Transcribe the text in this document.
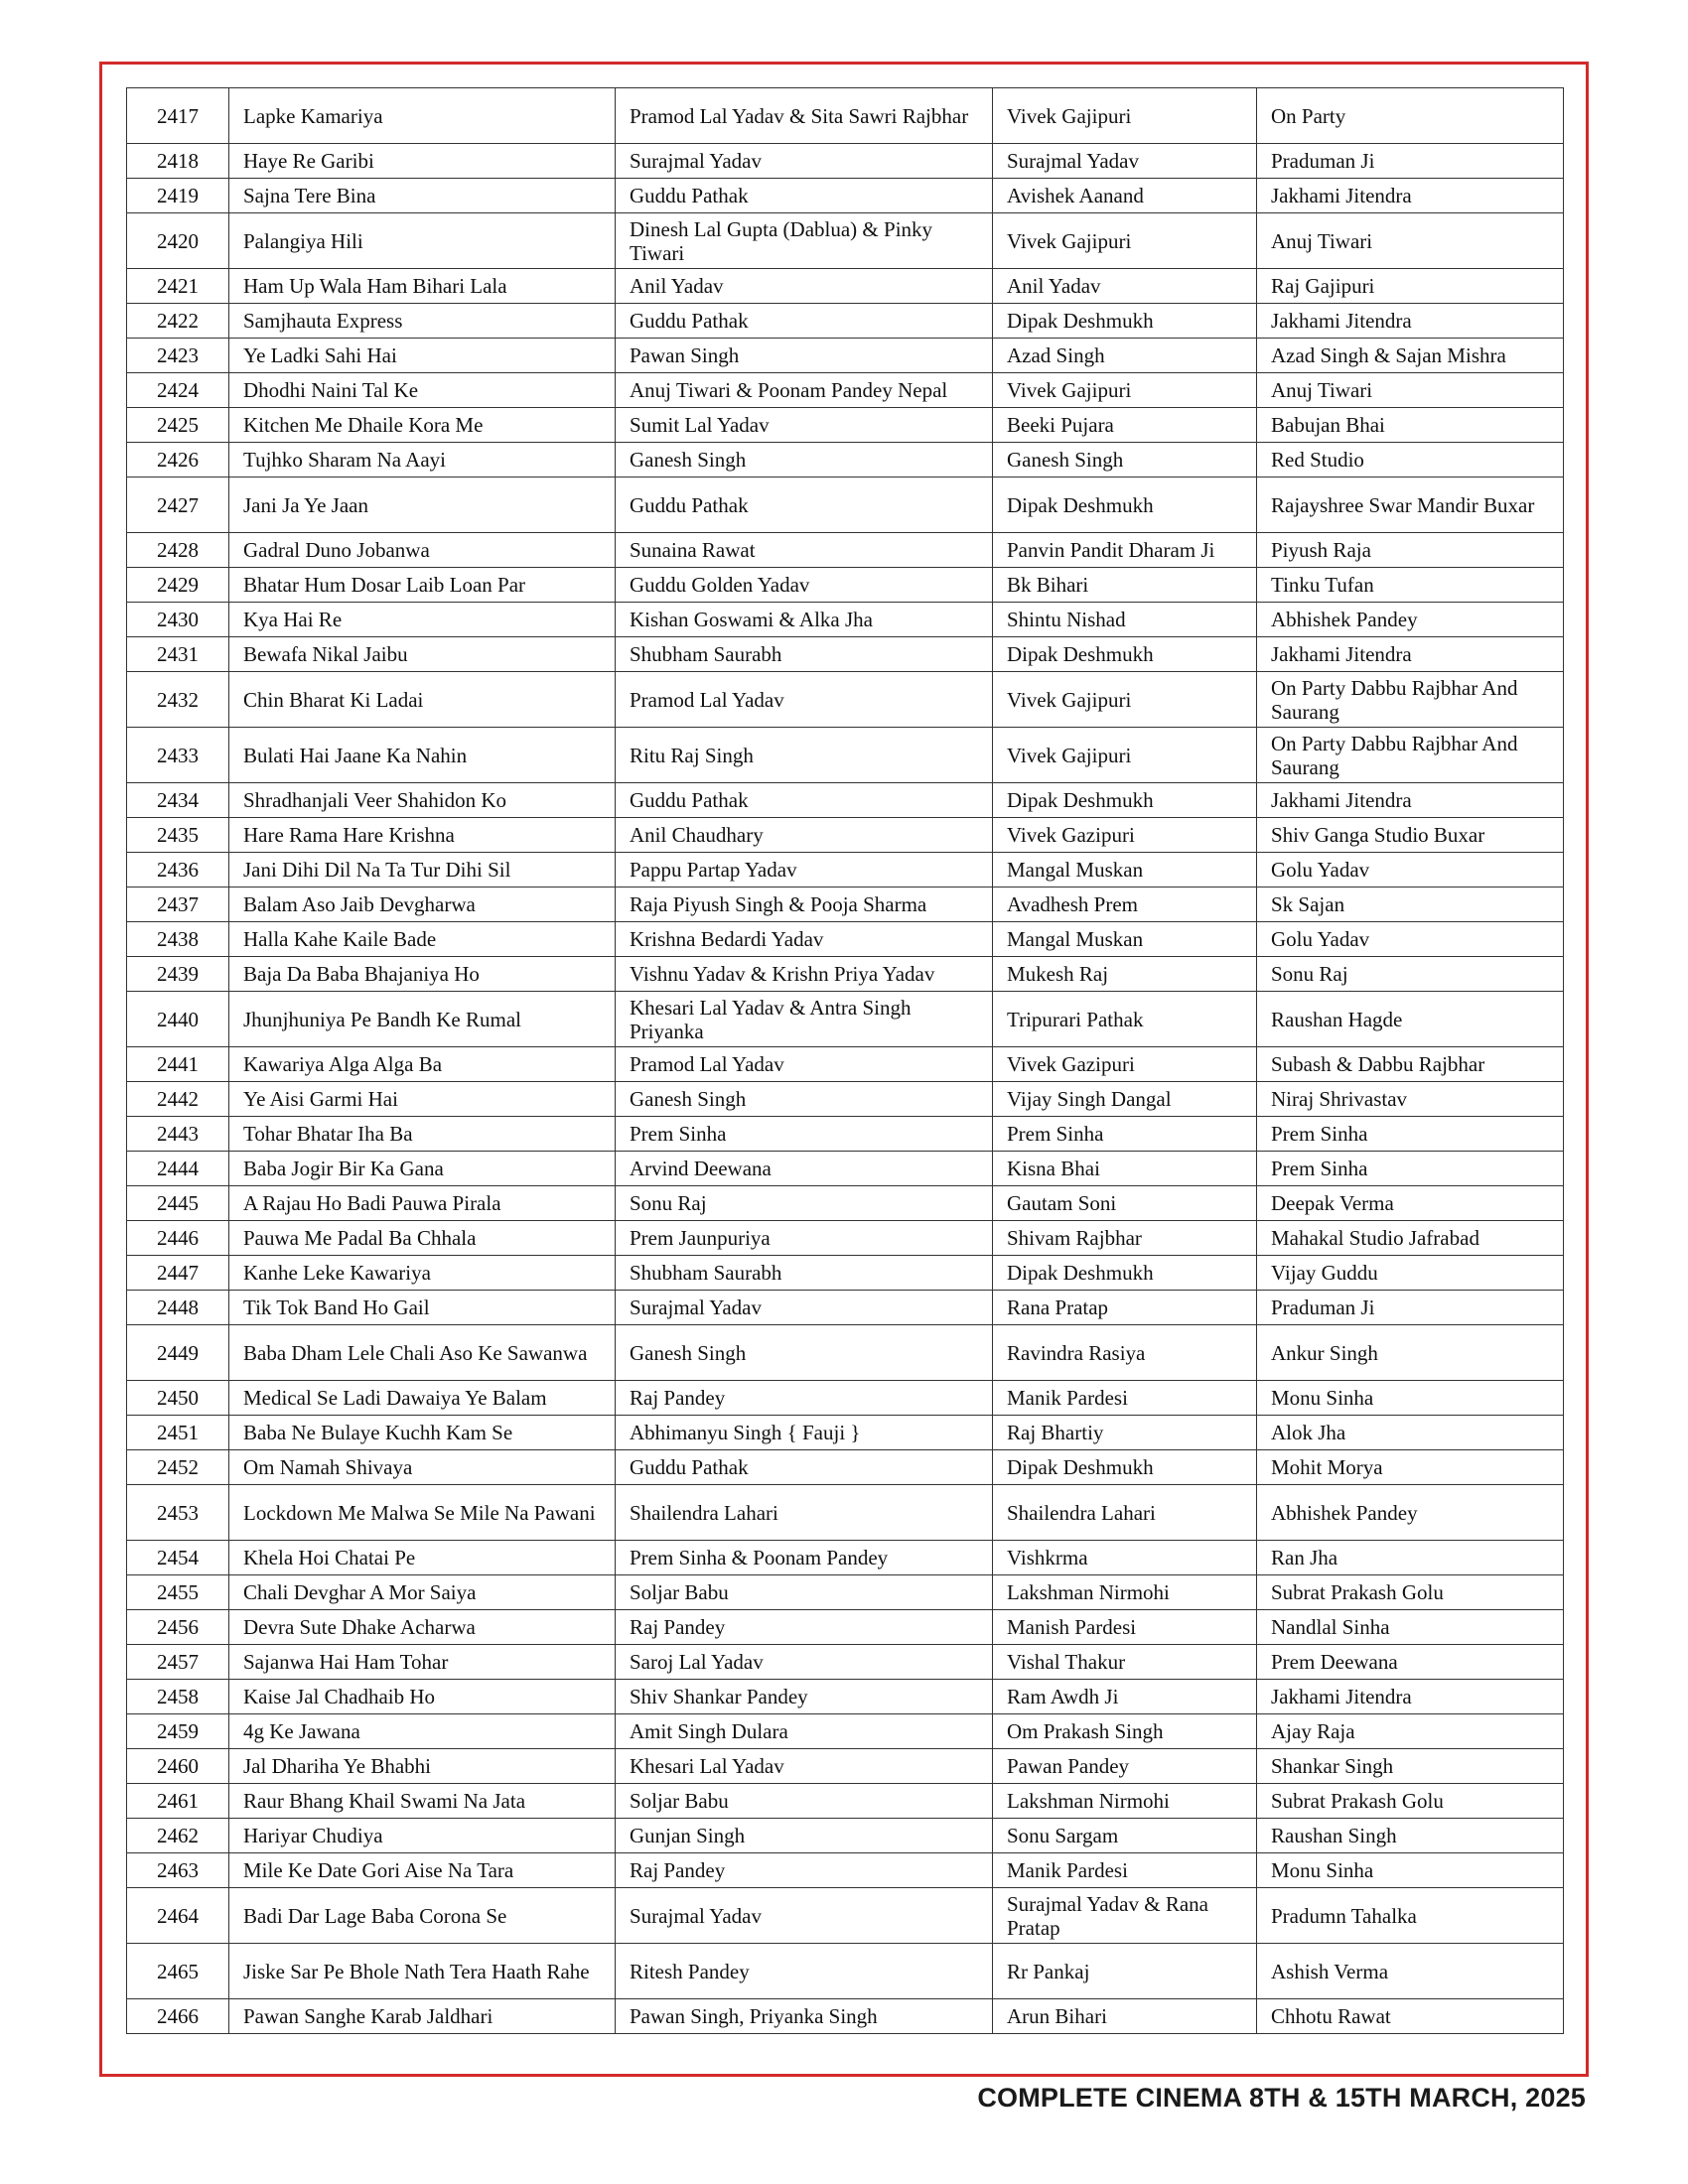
2417	Lapke Kamariya	Pramod Lal Yadav & Sita Sawri Rajbhar	Vivek Gajipuri	On Party
2418	Haye Re Garibi	Surajmal Yadav	Surajmal Yadav	Praduman Ji
2419	Sajna Tere Bina	Guddu Pathak	Avishek Aanand	Jakhami Jitendra
2420	Palangiya Hili	Dinesh Lal Gupta (Dablua) & Pinky Tiwari	Vivek Gajipuri	Anuj Tiwari
2421	Ham Up Wala Ham Bihari Lala	Anil Yadav	Anil Yadav	Raj Gajipuri
2422	Samjhauta Express	Guddu Pathak	Dipak Deshmukh	Jakhami Jitendra
2423	Ye Ladki Sahi Hai	Pawan Singh	Azad Singh	Azad Singh & Sajan Mishra
2424	Dhodhi Naini Tal Ke	Anuj Tiwari & Poonam Pandey Nepal	Vivek Gajipuri	Anuj Tiwari
2425	Kitchen Me Dhaile Kora Me	Sumit Lal Yadav	Beeki Pujara	Babujan Bhai
2426	Tujhko Sharam Na Aayi	Ganesh Singh	Ganesh Singh	Red Studio
2427	Jani Ja Ye Jaan	Guddu Pathak	Dipak Deshmukh	Rajayshree Swar Mandir Buxar
2428	Gadral Duno Jobanwa	Sunaina Rawat	Panvin Pandit Dharam Ji	Piyush Raja
2429	Bhatar Hum Dosar Laib Loan Par	Guddu Golden Yadav	Bk Bihari	Tinku Tufan
2430	Kya Hai Re	Kishan Goswami & Alka Jha	Shintu Nishad	Abhishek Pandey
2431	Bewafa Nikal Jaibu	Shubham Saurabh	Dipak Deshmukh	Jakhami Jitendra
2432	Chin Bharat Ki Ladai	Pramod Lal Yadav	Vivek Gajipuri	On Party Dabbu Rajbhar And Saurang
2433	Bulati Hai Jaane Ka Nahin	Ritu Raj Singh	Vivek Gajipuri	On Party Dabbu Rajbhar And Saurang
2434	Shradhanjali Veer Shahidon Ko	Guddu Pathak	Dipak Deshmukh	Jakhami Jitendra
2435	Hare Rama Hare Krishna	Anil Chaudhary	Vivek Gazipuri	Shiv Ganga Studio Buxar
2436	Jani Dihi Dil Na Ta Tur Dihi Sil	Pappu Partap Yadav	Mangal Muskan	Golu Yadav
2437	Balam Aso Jaib Devgharwa	Raja Piyush Singh & Pooja Sharma	Avadhesh Prem	Sk Sajan
2438	Halla Kahe Kaile Bade	Krishna Bedardi Yadav	Mangal Muskan	Golu Yadav
2439	Baja Da Baba Bhajaniya Ho	Vishnu Yadav & Krishn Priya Yadav	Mukesh Raj	Sonu Raj
2440	Jhunjhuniya Pe Bandh Ke Rumal	Khesari Lal Yadav & Antra Singh Priyanka	Tripurari Pathak	Raushan Hagde
2441	Kawariya Alga Alga Ba	Pramod Lal Yadav	Vivek Gazipuri	Subash & Dabbu Rajbhar
2442	Ye Aisi Garmi Hai	Ganesh Singh	Vijay Singh Dangal	Niraj Shrivastav
2443	Tohar Bhatar Iha Ba	Prem Sinha	Prem Sinha	Prem Sinha
2444	Baba Jogir Bir Ka Gana	Arvind Deewana	Kisna Bhai	Prem Sinha
2445	A Rajau Ho Badi Pauwa Pirala	Sonu Raj	Gautam Soni	Deepak Verma
2446	Pauwa Me Padal Ba Chhala	Prem Jaunpuriya	Shivam Rajbhar	Mahakal Studio Jafrabad
2447	Kanhe Leke Kawariya	Shubham Saurabh	Dipak Deshmukh	Vijay Guddu
2448	Tik Tok Band Ho Gail	Surajmal Yadav	Rana Pratap	Praduman Ji
2449	Baba Dham Lele Chali Aso Ke Sawanwa	Ganesh Singh	Ravindra Rasiya	Ankur Singh
2450	Medical Se Ladi Dawaiya Ye Balam	Raj Pandey	Manik Pardesi	Monu Sinha
2451	Baba Ne Bulaye Kuchh Kam Se	Abhimanyu Singh { Fauji }	Raj Bhartiy	Alok Jha
2452	Om Namah Shivaya	Guddu Pathak	Dipak Deshmukh	Mohit Morya
2453	Lockdown Me Malwa Se Mile Na Pawani	Shailendra Lahari	Shailendra Lahari	Abhishek Pandey
2454	Khela Hoi Chatai Pe	Prem Sinha & Poonam Pandey	Vishkrma	Ran Jha
2455	Chali Devghar A Mor Saiya	Soljar Babu	Lakshman Nirmohi	Subrat Prakash Golu
2456	Devra Sute Dhake Acharwa	Raj Pandey	Manish Pardesi	Nandlal Sinha
2457	Sajanwa Hai Ham Tohar	Saroj Lal Yadav	Vishal Thakur	Prem Deewana
2458	Kaise Jal Chadhaib Ho	Shiv Shankar Pandey	Ram Awdh Ji	Jakhami Jitendra
2459	4g Ke Jawana	Amit Singh Dulara	Om Prakash Singh	Ajay Raja
2460	Jal Dhariha Ye Bhabhi	Khesari Lal Yadav	Pawan Pandey	Shankar Singh
2461	Raur Bhang Khail Swami Na Jata	Soljar Babu	Lakshman Nirmohi	Subrat Prakash Golu
2462	Hariyar Chudiya	Gunjan Singh	Sonu Sargam	Raushan Singh
2463	Mile Ke Date Gori Aise Na Tara	Raj Pandey	Manik Pardesi	Monu Sinha
2464	Badi Dar Lage Baba Corona Se	Surajmal Yadav	Surajmal Yadav & Rana Pratap	Pradumn Tahalka
2465	Jiske Sar Pe Bhole Nath Tera Haath Rahe	Ritesh Pandey	Rr Pankaj	Ashish Verma
2466	Pawan Sanghe Karab Jaldhari	Pawan Singh, Priyanka Singh	Arun Bihari	Chhotu Rawat
COMPLETE CINEMA 8TH & 15TH MARCH, 2025
